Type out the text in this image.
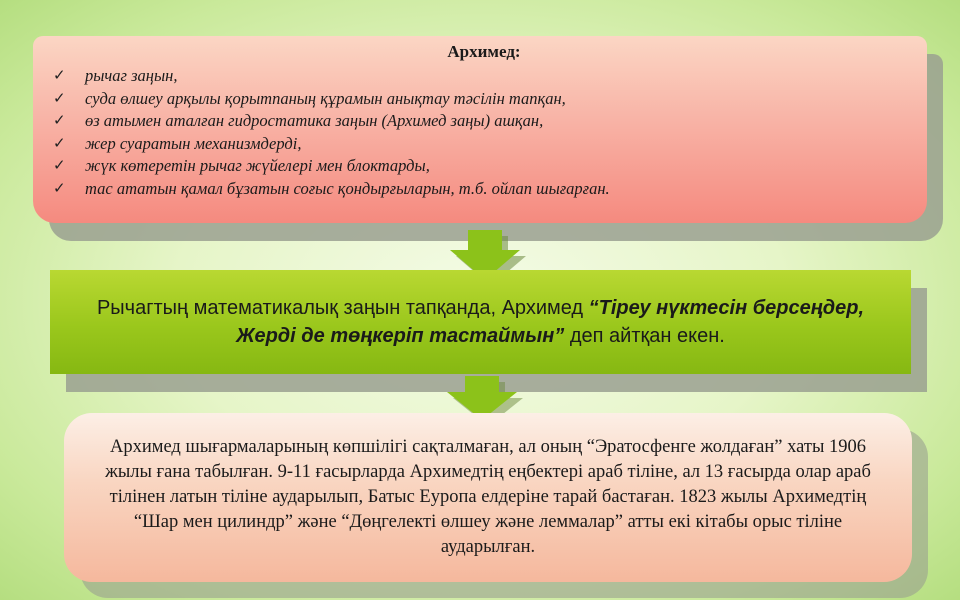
Архимед:
✓	рычаг заңын,
✓	суда өлшеу арқылы қорытпаның құрамын анықтау тәсілін тапқан,
✓	өз атымен аталған гидростатика заңын (Архимед заңы) ашқан,
✓	жер суаратын механизмдерді,
✓	жүк көтеретін рычаг жүйелері мен блоктарды,
✓	тас ататын қамал бұзатын соғыс қондырғыларын, т.б. ойлап шығарған.
Рычагтың математикалық заңын тапқанда, Архимед “Тіреу нүктесін берсеңдер, Жерді де төңкеріп тастаймын” деп айтқан екен.
Архимед шығармаларының көпшілігі сақталмаған, ал оның “Эратосфенге жолдаған” хаты 1906 жылы ғана табылған. 9-11 ғасырларда Архимедтің еңбектері араб тіліне, ал 13 ғасырда олар араб тілінен латын тіліне аударылып, Батыс Еуропа елдеріне тарай бастаған. 1823 жылы Архимедтің “Шар мен цилиндр” және “Дөңгелекті өлшеу және леммалар” атты екі кітабы орыс тіліне аударылған.
